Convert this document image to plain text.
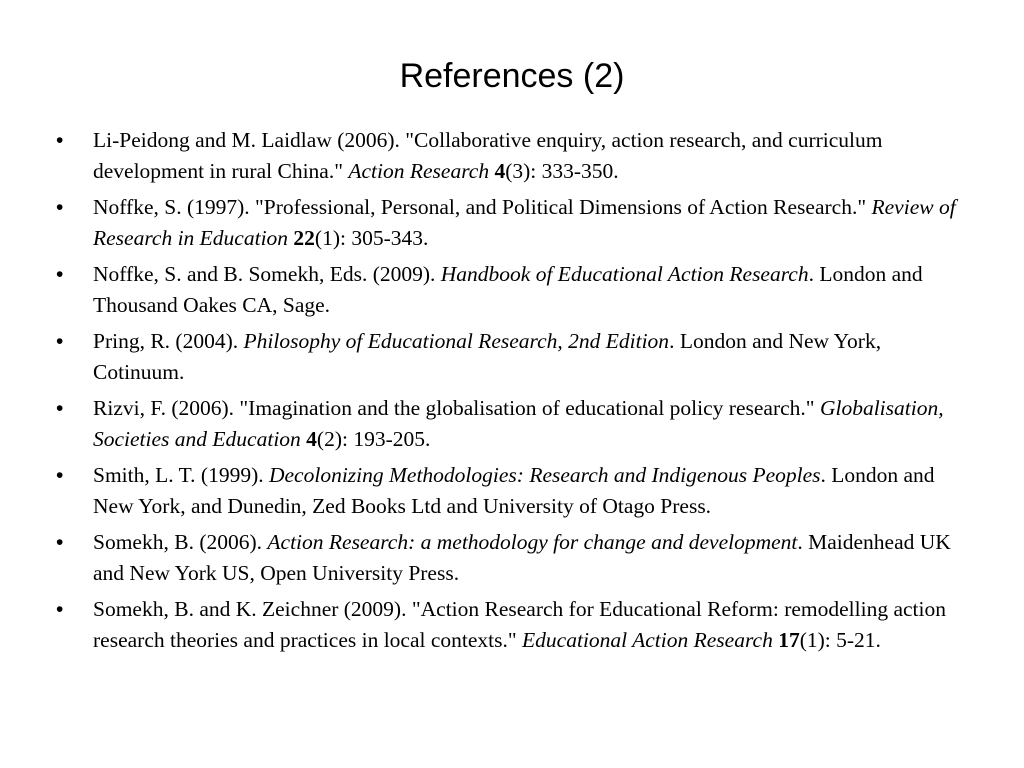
References (2)
•	Li-Peidong and M. Laidlaw (2006). "Collaborative enquiry, action research, and curriculum development in rural China." Action Research 4(3): 333-350.
•	Noffke, S. (1997). "Professional, Personal, and Political Dimensions of Action Research." Review of Research in Education 22(1): 305-343.
•	Noffke, S. and B. Somekh, Eds. (2009). Handbook of Educational Action Research. London and Thousand Oakes CA, Sage.
•	Pring, R. (2004). Philosophy of Educational Research, 2nd Edition. London and New York, Cotinuum.
•	Rizvi, F. (2006). "Imagination and the globalisation of educational policy research." Globalisation, Societies and Education 4(2): 193-205.
•	Smith, L. T. (1999). Decolonizing Methodologies: Research and Indigenous Peoples. London and New York, and Dunedin, Zed Books Ltd and University of Otago Press.
•	Somekh, B. (2006). Action Research: a methodology for change and development. Maidenhead UK and New York US, Open University Press.
•	Somekh, B. and K. Zeichner (2009). "Action Research for Educational Reform: remodelling action research theories and practices in local contexts." Educational Action Research 17(1): 5-21.
